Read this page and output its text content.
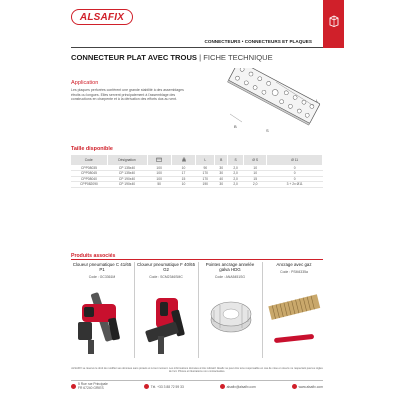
ALSAFIX
CONNECTEURS • CONNECTEURS ET PLAQUES
CONNECTEUR PLAT AVEC TROUS | FICHE TECHNIQUE
Application
Les plaques perforées confèrent une grande stabilité à des assemblages étroits ou longues. Elles servent principalement à l'assemblage des constructions en charpente et à la dérivation des efforts dus au vent.
B
L
S
Taille disponible
Code	Désignation			L	B	S	Ø S	Ø 11
CPP08035	CP 135x40	100	10	90	30	2,0	10	0
CPP08045	CP 135x40	100	17	170	30	2,0	10	0
CPP08040	CP 190x40	100	15	170	40	2,0	15	0
CPP082090	CP 190x40	50	10	190	30	2,0	2,0	3 + 2x Ø11
Produits associés
Cloueur pneumatique C 41/65 P1
Code : GC3361M
Cloueur pneumatique F 40/65 G2
Code : SCM2346SMC
Pointes ancrage annelée galva HDG
Code : ANA5451SG
Ancrage avec gaz
Code : PSM4335a
ALSAFIX se réserve le droit de modifier ses données sans préavis et à tout moment. Les informations données à titre indicatif. Alsafix ne peut être tenu responsable en cas de mise en œuvre ne respectant pas les règles de l'art. Photos et illustrations non contractuelles.
5 Rue rue Principale
FR 67240 GRIES	Tél. +33 3 88 72 59 33	alsafix@alsafix.com	www.alsafix.com
